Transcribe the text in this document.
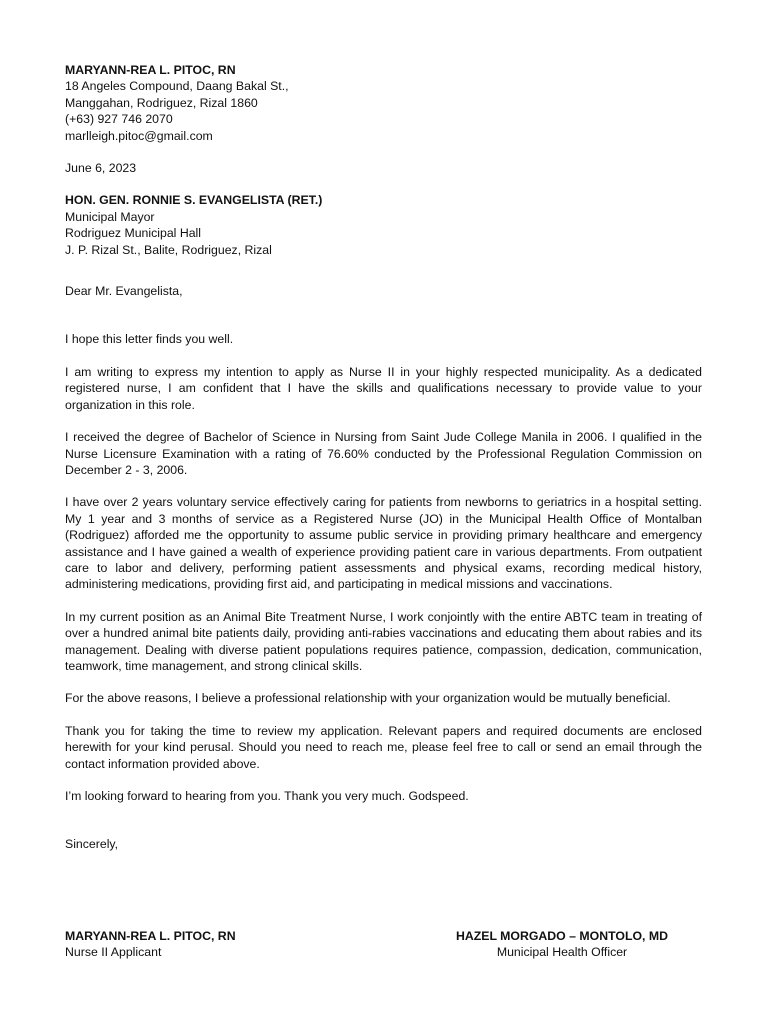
MARYANN-REA L. PITOC, RN
18 Angeles Compound, Daang Bakal St.,
Manggahan, Rodriguez, Rizal 1860
(+63) 927 746 2070
marlleigh.pitoc@gmail.com
June 6, 2023
HON. GEN. RONNIE S. EVANGELISTA (RET.)
Municipal Mayor
Rodriguez Municipal Hall
J. P. Rizal St., Balite, Rodriguez, Rizal
Dear Mr. Evangelista,

I hope this letter finds you well.

I am writing to express my intention to apply as Nurse II in your highly respected municipality. As a dedicated registered nurse, I am confident that I have the skills and qualifications necessary to provide value to your organization in this role.

I received the degree of Bachelor of Science in Nursing from Saint Jude College Manila in 2006. I qualified in the Nurse Licensure Examination with a rating of 76.60% conducted by the Professional Regulation Commission on December 2 - 3, 2006.

I have over 2 years voluntary service effectively caring for patients from newborns to geriatrics in a hospital setting. My 1 year and 3 months of service as a Registered Nurse (JO) in the Municipal Health Office of Montalban (Rodriguez) afforded me the opportunity to assume public service in providing primary healthcare and emergency assistance and I have gained a wealth of experience providing patient care in various departments. From outpatient care to labor and delivery, performing patient assessments and physical exams, recording medical history, administering medications, providing first aid, and participating in medical missions and vaccinations.

In my current position as an Animal Bite Treatment Nurse, I work conjointly with the entire ABTC team in treating of over a hundred animal bite patients daily, providing anti-rabies vaccinations and educating them about rabies and its management. Dealing with diverse patient populations requires patience, compassion, dedication, communication, teamwork, time management, and strong clinical skills.

For the above reasons, I believe a professional relationship with your organization would be mutually beneficial.

Thank you for taking the time to review my application. Relevant papers and required documents are enclosed herewith for your kind perusal. Should you need to reach me, please feel free to call or send an email through the contact information provided above.

I’m looking forward to hearing from you. Thank you very much. Godspeed.

Sincerely,
MARYANN-REA L. PITOC, RN
Nurse II Applicant
HAZEL MORGADO – MONTOLO, MD
Municipal Health Officer
